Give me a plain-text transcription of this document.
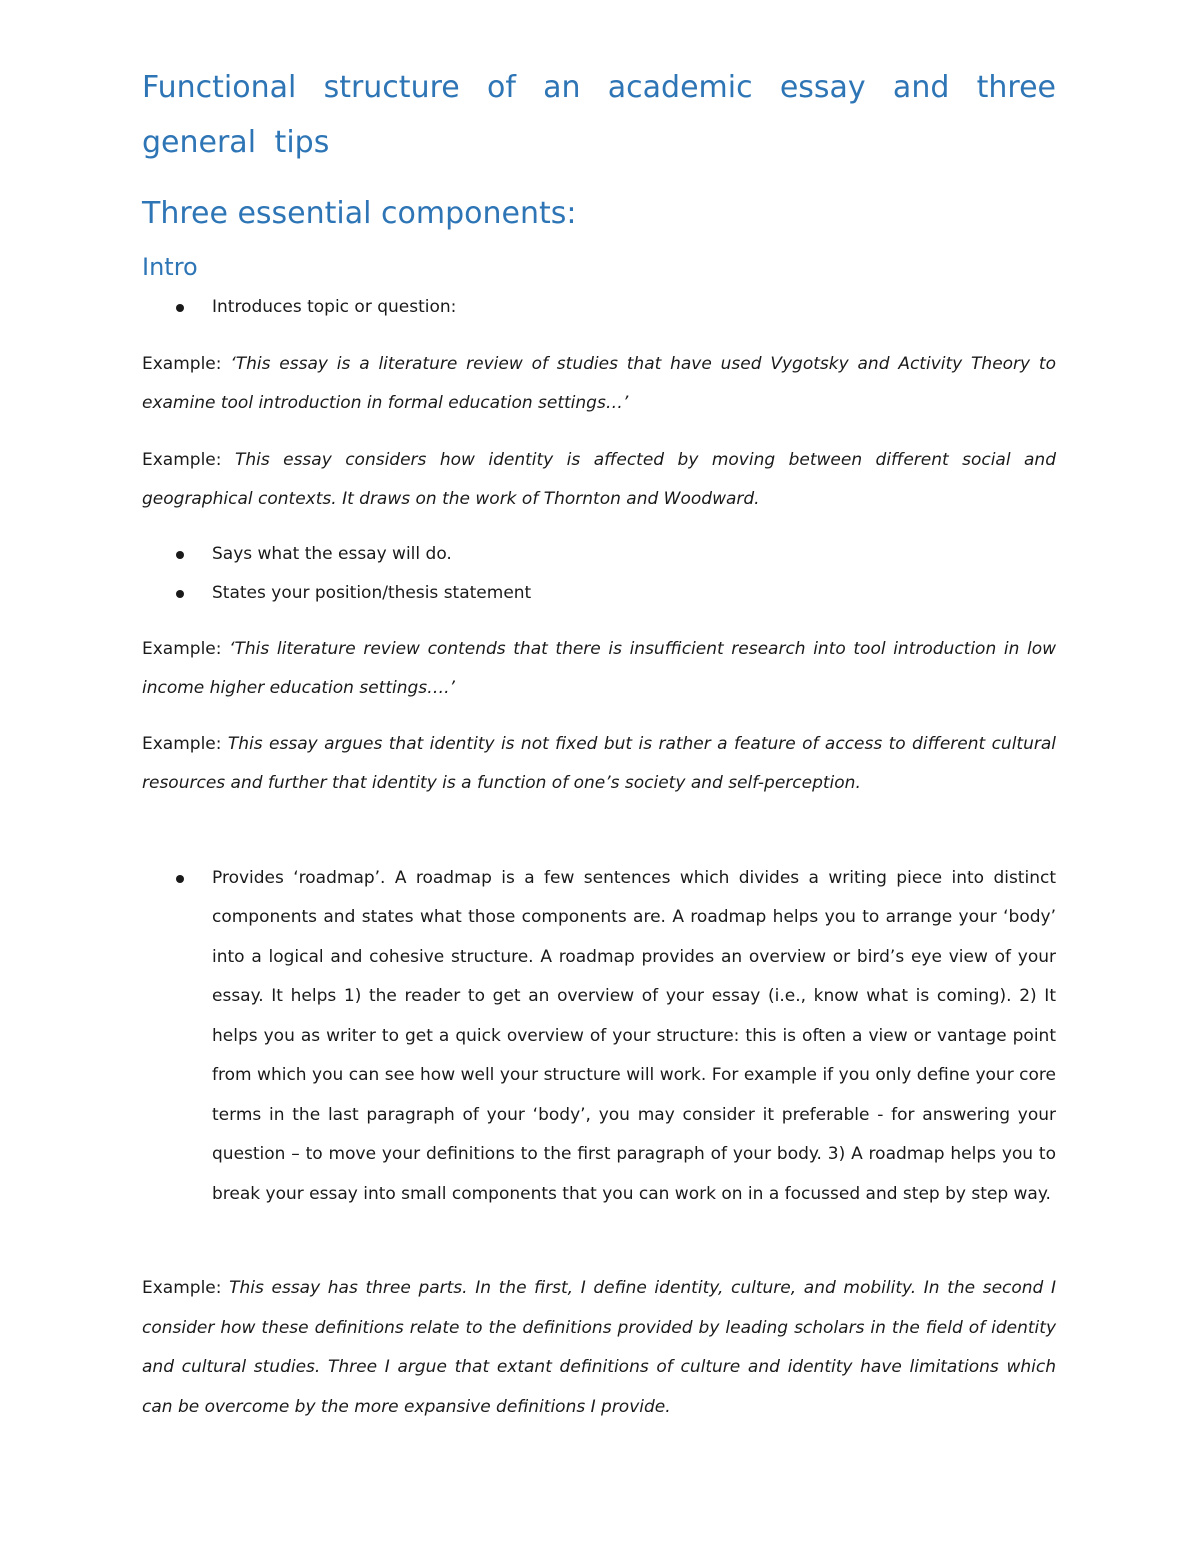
Functional structure of an academic essay and three general tips
Three essential components:
Intro
Introduces topic or question:

Example: ‘This essay is a literature review of studies that have used Vygotsky and Activity Theory to examine tool introduction in formal education settings…’

Example: This essay considers how identity is affected by moving between different social and geographical contexts. It draws on the work of Thornton and Woodward.

Says what the essay will do.
States your position/thesis statement

Example: ‘This literature review contends that there is insufficient research into tool introduction in low income higher education settings….’

Example: This essay argues that identity is not fixed but is rather a feature of access to different cultural resources and further that identity is a function of one’s society and self-perception.

Provides ‘roadmap’. A roadmap is a few sentences which divides a writing piece into distinct components and states what those components are. A roadmap helps you to arrange your ‘body’ into a logical and cohesive structure. A roadmap provides an overview or bird’s eye view of your essay. It helps 1) the reader to get an overview of your essay (i.e., know what is coming). 2) It helps you as writer to get a quick overview of your structure: this is often a view or vantage point from which you can see how well your structure will work. For example if you only define your core terms in the last paragraph of your ‘body’, you may consider it preferable - for answering your question – to move your definitions to the first paragraph of your body. 3) A roadmap helps you to break your essay into small components that you can work on in a focussed and step by step way.

Example: This essay has three parts. In the first, I define identity, culture, and mobility. In the second I consider how these definitions relate to the definitions provided by leading scholars in the field of identity and cultural studies. Three I argue that extant definitions of culture and identity have limitations which can be overcome by the more expansive definitions I provide.
